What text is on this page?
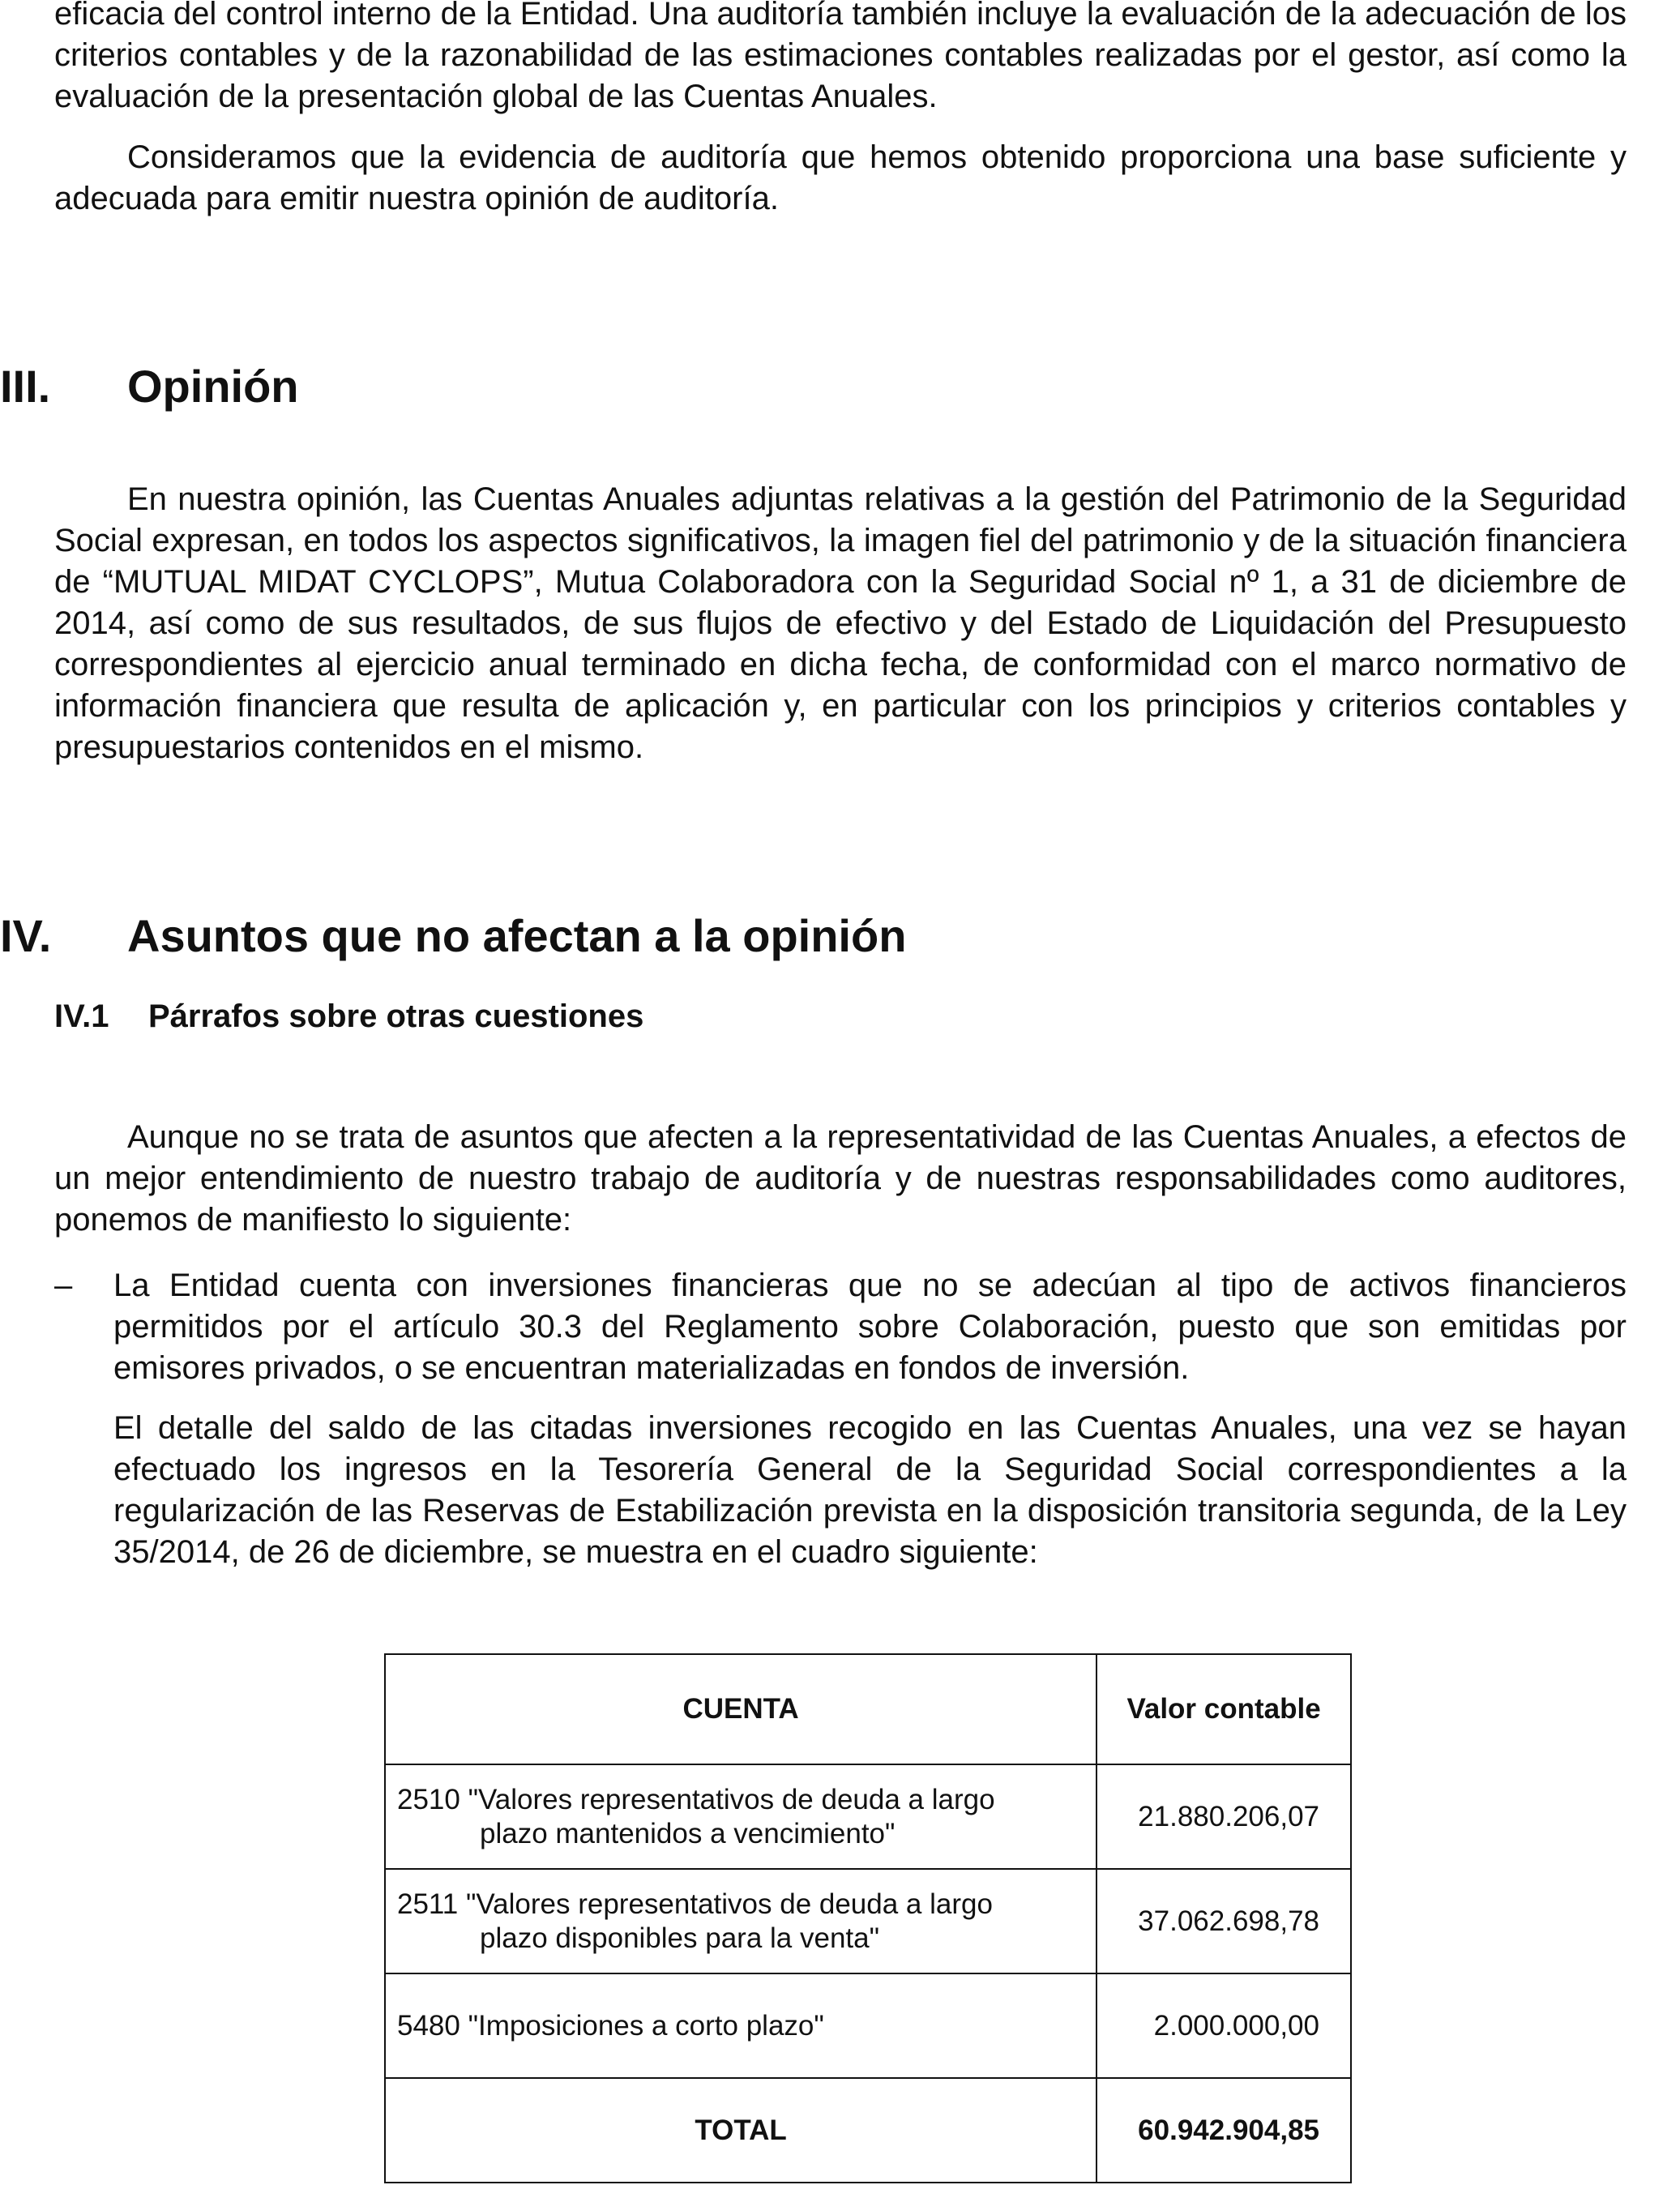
eficacia del control interno de la Entidad. Una auditoría también incluye la evaluación de la adecuación de los criterios contables y de la razonabilidad de las estimaciones contables realizadas por el gestor, así como la evaluación de la presentación global de las Cuentas Anuales.

Consideramos que la evidencia de auditoría que hemos obtenido proporciona una base suficiente y adecuada para emitir nuestra opinión de auditoría.

III. Opinión

En nuestra opinión, las Cuentas Anuales adjuntas relativas a la gestión del Patrimonio de la Seguridad Social expresan, en todos los aspectos significativos, la imagen fiel del patrimonio y de la situación financiera de “MUTUAL MIDAT CYCLOPS”, Mutua Colaboradora con la Seguridad Social nº 1, a 31 de diciembre de 2014, así como de sus resultados, de sus flujos de efectivo y del Estado de Liquidación del Presupuesto correspondientes al ejercicio anual terminado en dicha fecha, de conformidad con el marco normativo de información financiera que resulta de aplicación y, en particular con los principios y criterios contables y presupuestarios contenidos en el mismo.

IV. Asuntos que no afectan a la opinión
IV.1 Párrafos sobre otras cuestiones

Aunque no se trata de asuntos que afecten a la representatividad de las Cuentas Anuales, a efectos de un mejor entendimiento de nuestro trabajo de auditoría y de nuestras responsabilidades como auditores, ponemos de manifiesto lo siguiente:

– La Entidad cuenta con inversiones financieras que no se adecúan al tipo de activos financieros permitidos por el artículo 30.3 del Reglamento sobre Colaboración, puesto que son emitidas por emisores privados, o se encuentran materializadas en fondos de inversión.

El detalle del saldo de las citadas inversiones recogido en las Cuentas Anuales, una vez se hayan efectuado los ingresos en la Tesorería General de la Seguridad Social correspondientes a la regularización de las Reservas de Estabilización prevista en la disposición transitoria segunda, de la Ley 35/2014, de 26 de diciembre, se muestra en el cuadro siguiente:

CUENTA	Valor contable

2510 "Valores representativos de deuda a largo
plazo mantenidos a vencimiento"	21.880.206,07

2511 "Valores representativos de deuda a largo
plazo disponibles para la venta"	37.062.698,78

5480 "Imposiciones a corto plazo"	2.000.000,00
TOTAL	60.942.904,85
